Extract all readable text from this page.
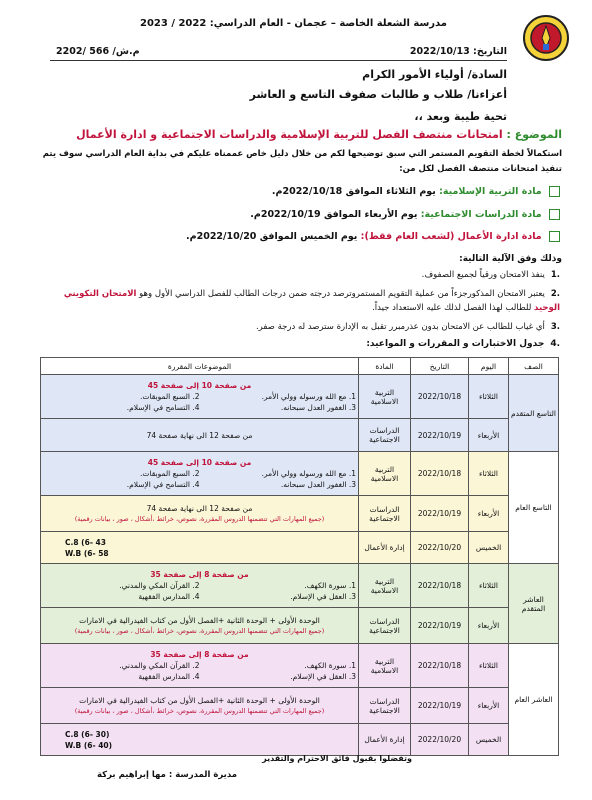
مدرسة الشعلة الخاصة – عجمان - العام الدراسي: 2022 / 2023
التاريخ: 2022/10/13
م.ش/ 566 /2202
السادة/ أولياء الأمور الكرام
أعزاءنا/ طلاب و طالبات صفوف التاسع و العاشر
تحية طيبة وبعد ،،
الموضوع : امتحانات منتصف الفصل للتربية الإسلامية والدراسات الاجتماعية و ادارة الأعمال
استكمالاً لخطة التقويم المستمر التي سبق توضيحها لكم من خلال دليل خاص عممناه عليكم في بداية العام الدراسي سوف يتم تنفيذ امتحانات منتصف الفصل لكل من:
مادة التربية الإسلامية: يوم الثلاثاء الموافق 2022/10/18م.
مادة الدراسات الاجتماعية: يوم الأربعاء الموافق 2022/10/19م.
مادة ادارة الأعمال (لشعب العام فقط): يوم الخميس الموافق 2022/10/20م.
وذلك وفق الآلية التالية:
.1ينفذ الامتحان ورقياً لجميع الصفوف.
.2يعتبر الامتحان المذكورجزءاً من عملية التقويم المستمروترصد درجته ضمن درجات الطالب للفصل الدراسي الأول وهو الامتحان التكويني الوحيد للطالب لهذا الفصل لذلك عليه الاستعداد جيداً.
.3أي غياب للطالب عن الامتحان بدون عذرمبرر تقبل به الإدارة سترصد له درجة صفر.
.4جدول الاختبارات و المقررات و المواعيد:
الصف	اليوم	التاريخ	المادة	الموضوعات المقررة
التاسع المتقدم	الثلاثاء	2022/10/18	التربية الاسلامية	من صفحة 10 إلى صفحة 45
1. مع الله ورسوله وولي الأمر.
2. السبع الموبقات.
3. الغفور العدل سبحانه.
4. التسامح في الإسلام.

	الأربعاء	2022/10/19	الدراسات الاجتماعية	من صفحة 12 الى نهاية صفحة 74
التاسع العام	الثلاثاء	2022/10/18	التربية الاسلامية	من صفحة 10 إلى صفحة 45
1. مع الله ورسوله وولي الأمر.
2. السبع الموبقات.
3. الغفور العدل سبحانه.
4. التسامح في الإسلام.

	الأربعاء	2022/10/19	الدراسات الاجتماعية	من صفحة 12 الى نهاية صفحة 74
(جميع المهارات التي تتضمنها الدروس المقررة، نصوص، خرائط ،أشكال ، صور ، بيانات رقمية)

	الخميس	2022/10/20	إدارة الأعمال	C.8 (6- 43
W.B (6- 58

العاشر المتقدم	الثلاثاء	2022/10/18	التربية الاسلامية	من صفحة 8 إلى صفحة 35
1. سورة الكهف.
2. القرآن المكي والمدني.
3. العقل في الإسلام.
4. المدارس الفقهية

	الأربعاء	2022/10/19	الدراسات الاجتماعية	الوحدة الأولى + الوحدة الثانية +الفصل الأول من كتاب الفيدرالية في الامارات
(جميع المهارات التي تتضمنها الدروس المقررة، نصوص، خرائط ،أشكال ، صور ، بيانات رقمية)

العاشر العام	الثلاثاء	2022/10/18	التربية الاسلامية	من صفحة 8 إلى صفحة 35
1. سورة الكهف.
2. القرآن المكي والمدني.
3. العقل في الإسلام.
4. المدارس الفقهية

	الأربعاء	2022/10/19	الدراسات الاجتماعية	الوحدة الأولى + الوحدة الثانية +الفصل الأول من كتاب الفيدرالية في الامارات
(جميع المهارات التي تتضمنها الدروس المقررة، نصوص، خرائط ،أشكال ، صور ، بيانات رقمية)

	الخميس	2022/10/20	إدارة الأعمال	C.8 (6- 30)
W.B (6- 40)
وتفضلوا بقبول فائق الاحترام والتقدير
مديرة المدرسة : مها إبراهيم بركة
